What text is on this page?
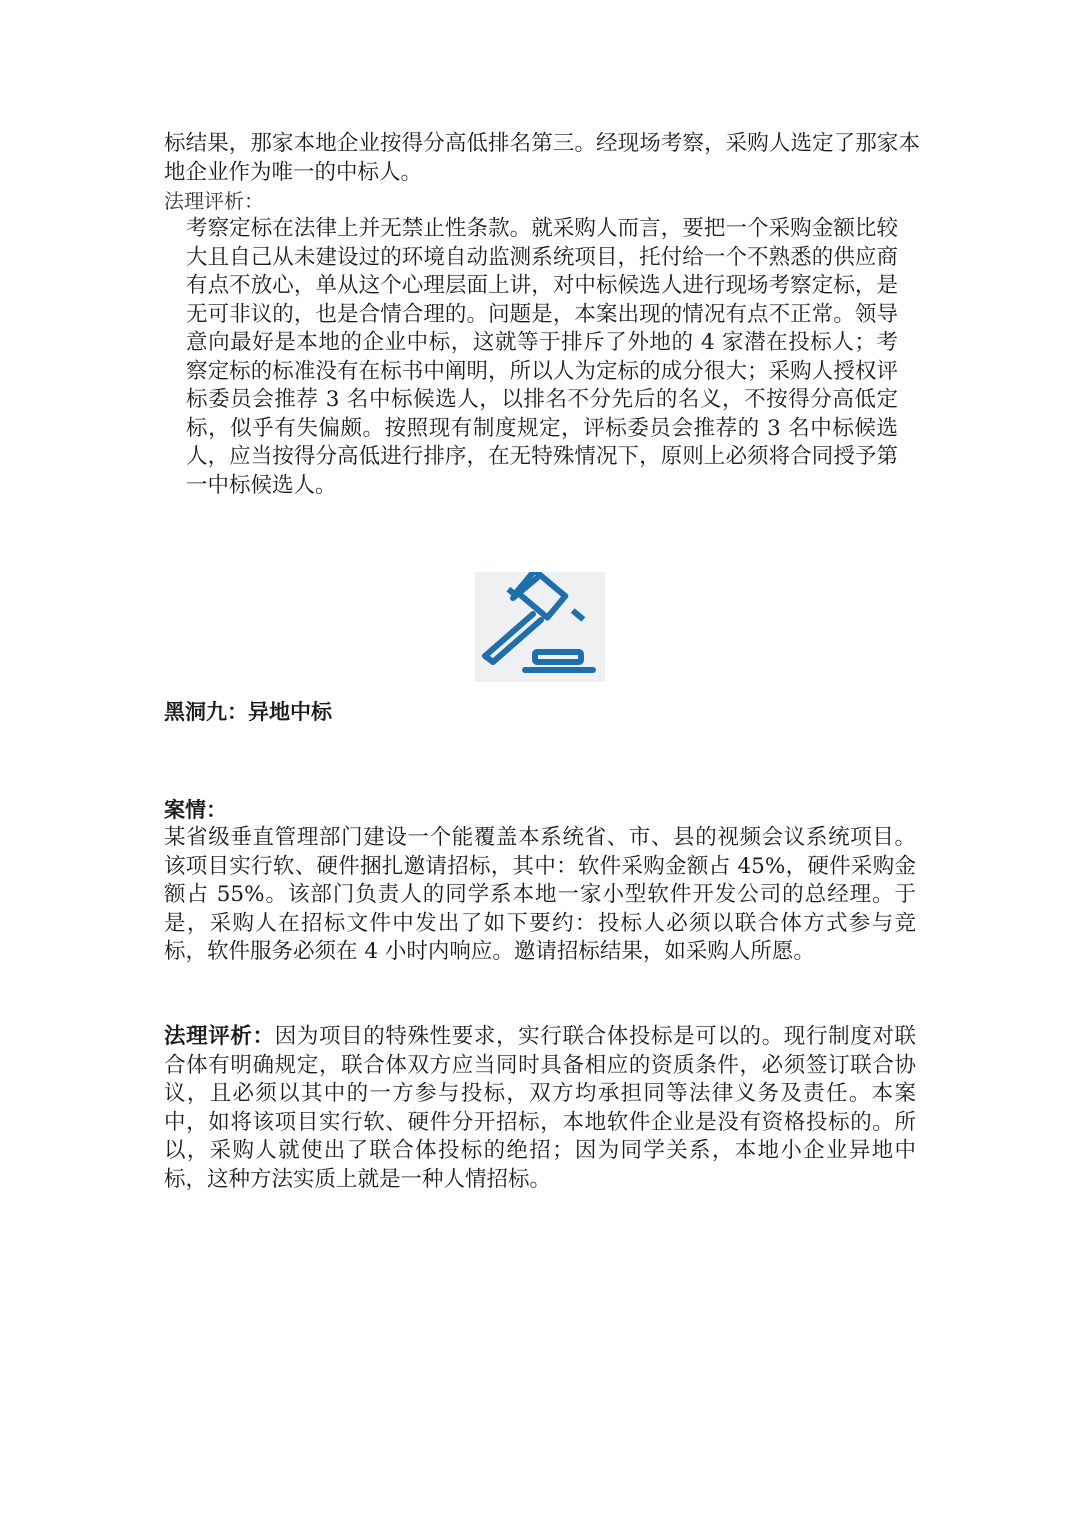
标结果，那家本地企业按得分高低排名第三。经现场考察，采购人选定了那家本地企业作为唯一的中标人。

法理评析：

考察定标在法律上并无禁止性条款。就采购人而言，要把一个采购金额比较大且自己从未建设过的环境自动监测系统项目，托付给一个不熟悉的供应商有点不放心，单从这个心理层面上讲，对中标候选人进行现场考察定标，是无可非议的，也是合情合理的。问题是，本案出现的情况有点不正常。领导意向最好是本地的企业中标，这就等于排斥了外地的 4 家潜在投标人；考察定标的标准没有在标书中阐明，所以人为定标的成分很大；采购人授权评标委员会推荐 3 名中标候选人，以排名不分先后的名义，不按得分高低定标，似乎有失偏颇。按照现有制度规定，评标委员会推荐的 3 名中标候选人，应当按得分高低进行排序，在无特殊情况下，原则上必须将合同授予第一中标候选人。

黑洞九：异地中标
案情：

某省级垂直管理部门建设一个能覆盖本系统省、市、县的视频会议系统项目。该项目实行软、硬件捆扎邀请招标，其中：软件采购金额占 45%，硬件采购金额占 55%。该部门负责人的同学系本地一家小型软件开发公司的总经理。于是，采购人在招标文件中发出了如下要约：投标人必须以联合体方式参与竞标，软件服务必须在 4 小时内响应。邀请招标结果，如采购人所愿。

法理评析：因为项目的特殊性要求，实行联合体投标是可以的。现行制度对联合体有明确规定，联合体双方应当同时具备相应的资质条件，必须签订联合协议，且必须以其中的一方参与投标，双方均承担同等法律义务及责任。本案中，如将该项目实行软、硬件分开招标，本地软件企业是没有资格投标的。所以，采购人就使出了联合体投标的绝招；因为同学关系，本地小企业异地中标，这种方法实质上就是一种人情招标。
